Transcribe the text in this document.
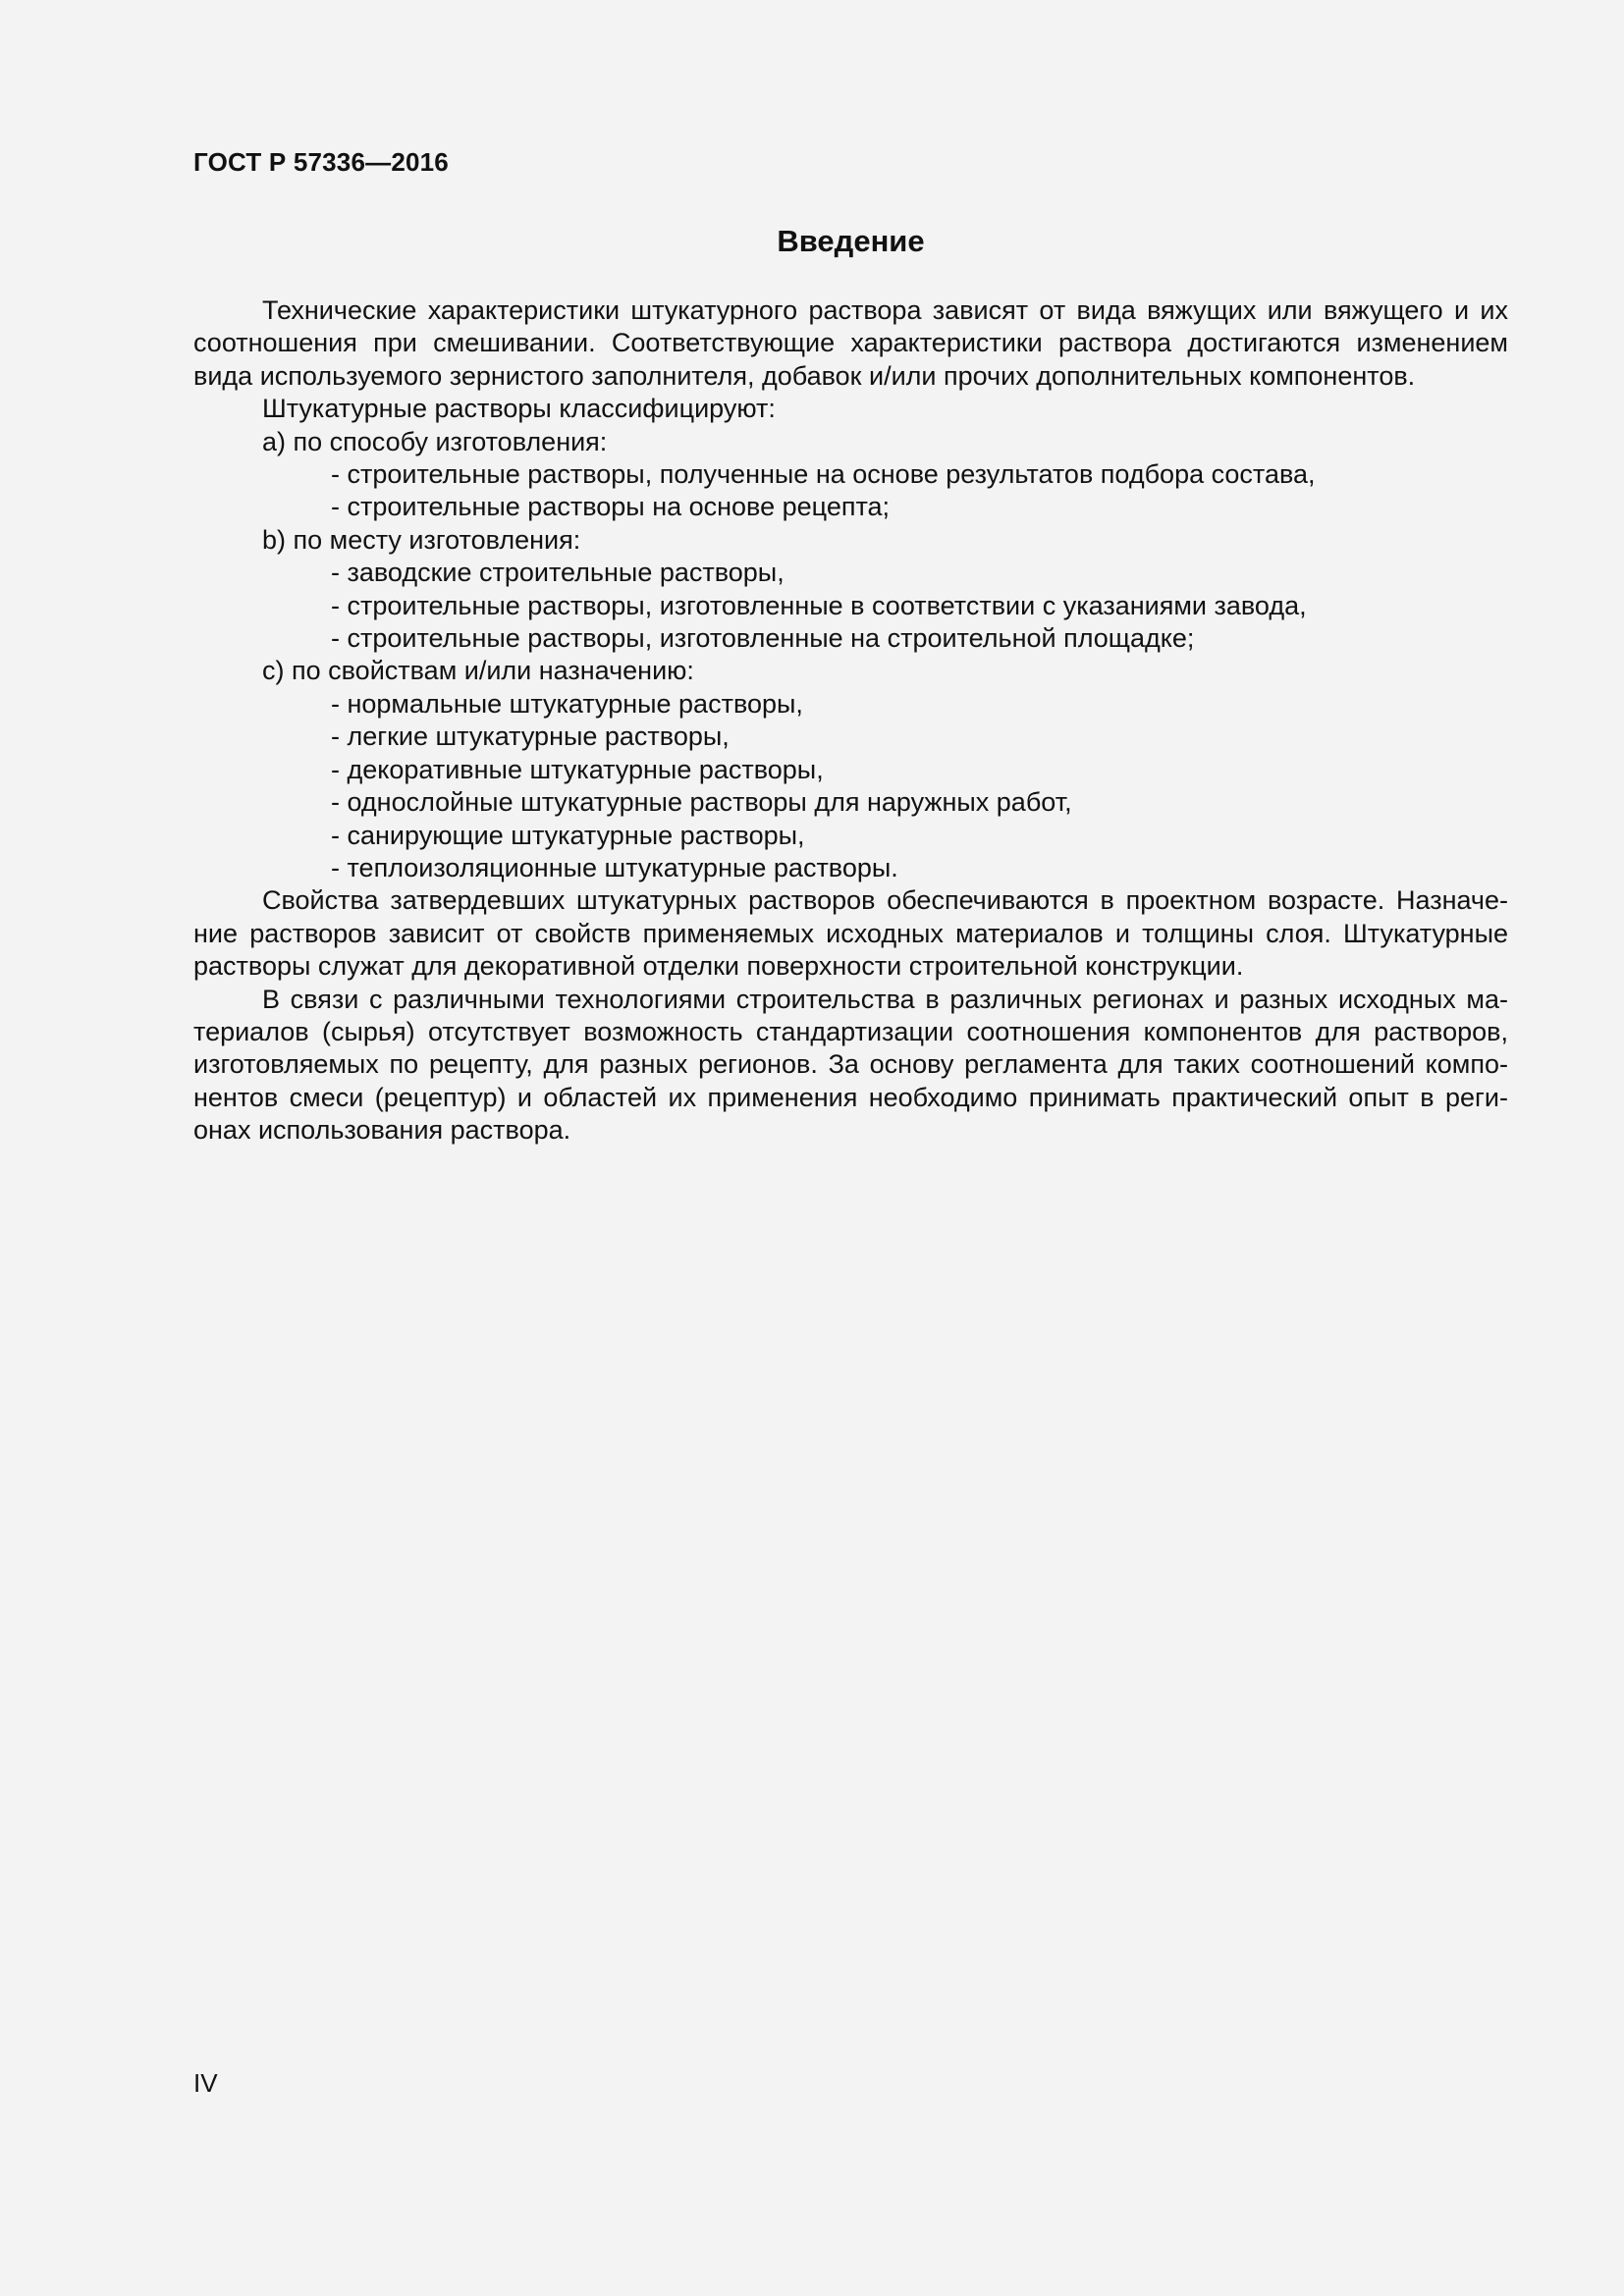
ГОСТ Р 57336—2016

Введение

Технические характеристики штукатурного раствора зависят от вида вяжущих или вяжущего и их соотношения при смешивании. Соответствующие характеристики раствора достигаются изменением вида используемого зернистого заполнителя, добавок и/или прочих дополнительных компонентов.

Штукатурные растворы классифицируют:

a) по способу изготовления:

- строительные растворы, полученные на основе результатов подбора состава,

- строительные растворы на основе рецепта;

b) по месту изготовления:

- заводские строительные растворы,

- строительные растворы, изготовленные в соответствии с указаниями завода,

- строительные растворы, изготовленные на строительной площадке;

c) по свойствам и/или назначению:

- нормальные штукатурные растворы,

- легкие штукатурные растворы,

- декоративные штукатурные растворы,

- однослойные штукатурные растворы для наружных работ,

- санирующие штукатурные растворы,

- теплоизоляционные штукатурные растворы.

Свойства затвердевших штукатурных растворов обеспечиваются в проектном возрасте. Назначение растворов зависит от свойств применяемых исходных материалов и толщины слоя. Штукатурные растворы служат для декоративной отделки поверхности строительной конструкции.

В связи с различными технологиями строительства в различных регионах и разных исходных материалов (сырья) отсутствует возможность стандартизации соотношения компонентов для растворов, изготовляемых по рецепту, для разных регионов. За основу регламента для таких соотношений компонентов смеси (рецептур) и областей их применения необходимо принимать практический опыт в регионах использования раствора.

IV
